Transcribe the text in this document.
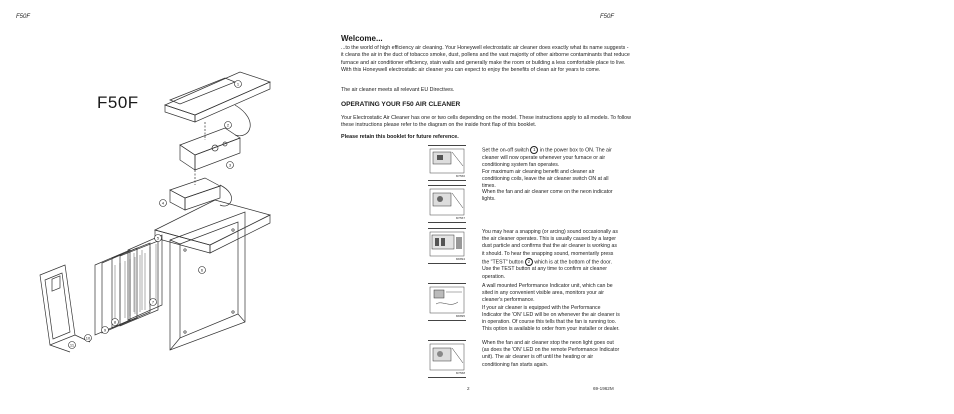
F50F	F50F
F50F
1
2
3
4
5
6
7
8
9
10
11
Welcome...
...to the world of high efficiency air cleaning. Your Honeywell electrostatic air cleaner does exactly what its name suggests - it cleans the air in the duct of tobacco smoke, dust, pollens and the vast majority of other airborne contaminants that reduce furnace and air conditioner efficiency, stain walls and generally make the room or building a less comfortable place to live. With this Honeywell electrostatic air cleaner you can expect to enjoy the benefits of clean air for years to come.
The air cleaner meets all relevant EU Directives.
OPERATING YOUR F50 AIR CLEANER
Your Electrostatic Air Cleaner has one or two cells depending on the model. These instructions apply to all models. To follow these instructions please refer to the diagram on the inside front flap of this booklet.
Please retain this booklet for future reference.
M7566
Set the on-off switch 1 in the power box to ON. The air cleaner will now operate whenever your furnace or air conditioning system fan operates.
For maximum air cleaning benefit and cleaner air conditioning coils, leave the air cleaner switch ON at all times.
M7567
When the fan and air cleaner come on the neon indicator lights.
M6894
You may hear a snapping (or arcing) sound occasionally as the air cleaner operates. This is usually caused by a larger dust particle and confirms that the air cleaner is working as it should. To hear the snapping sound, momentarily press the "TEST" button 2 which is at the bottom of the door. Use the TEST button at any time to confirm air cleaner operation.
M6895
A wall mounted Performance Indicator unit, which can be sited in any convenient visible area, monitors your air cleaner's performance.
If your air cleaner is equipped with the Performance Indicator the 'ON' LED will be on whenever the air cleaner is in operation. Of course this tells that the fan is running too. This option is available to order from your installer or dealer.
M7568
When the fan and air cleaner stop the neon light goes out (as does the 'ON' LED on the remote Performance Indicator unit). The air cleaner is off until the heating or air conditioning fan starts again.
2	69-1962M
